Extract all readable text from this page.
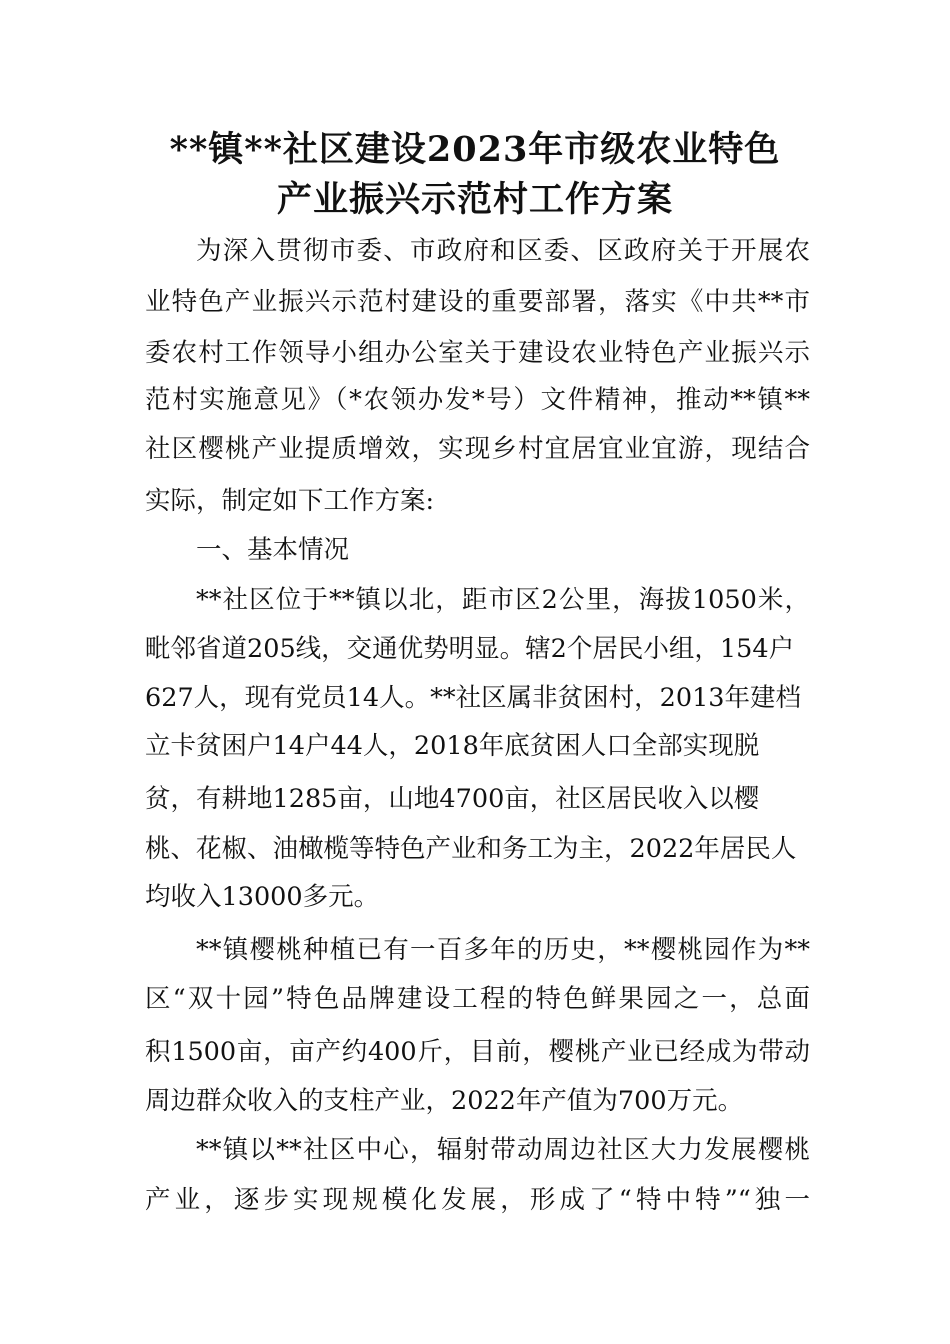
**镇**社区建设2023年市级农业特色
产业振兴示范村工作方案
为深入贯彻市委、市政府和区委、区政府关于开展农
业特色产业振兴示范村建设的重要部署，落实《中共**市
委农村工作领导小组办公室关于建设农业特色产业振兴示
范村实施意见》（*农领办发*号）文件精神，推动**镇**
社区樱桃产业提质增效，实现乡村宜居宜业宜游，现结合
实际，制定如下工作方案:
一、基本情况
**社区位于**镇以北，距市区2公里，海拔1050米，
毗邻省道205线，交通优势明显。辖2个居民小组，154户
627人，现有党员14人。**社区属非贫困村，2013年建档
立卡贫困户14户44人，2018年底贫困人口全部实现脱
贫，有耕地1285亩，山地4700亩，社区居民收入以樱
桃、花椒、油橄榄等特色产业和务工为主，2022年居民人
均收入13000多元。
**镇樱桃种植已有一百多年的历史，**樱桃园作为**
区“双十园”特色品牌建设工程的特色鲜果园之一，总面
积1500亩，亩产约400斤，目前，樱桃产业已经成为带动
周边群众收入的支柱产业，2022年产值为700万元。
**镇以**社区中心，辐射带动周边社区大力发展樱桃
产业，逐步实现规模化发展，形成了“特中特”“独一
